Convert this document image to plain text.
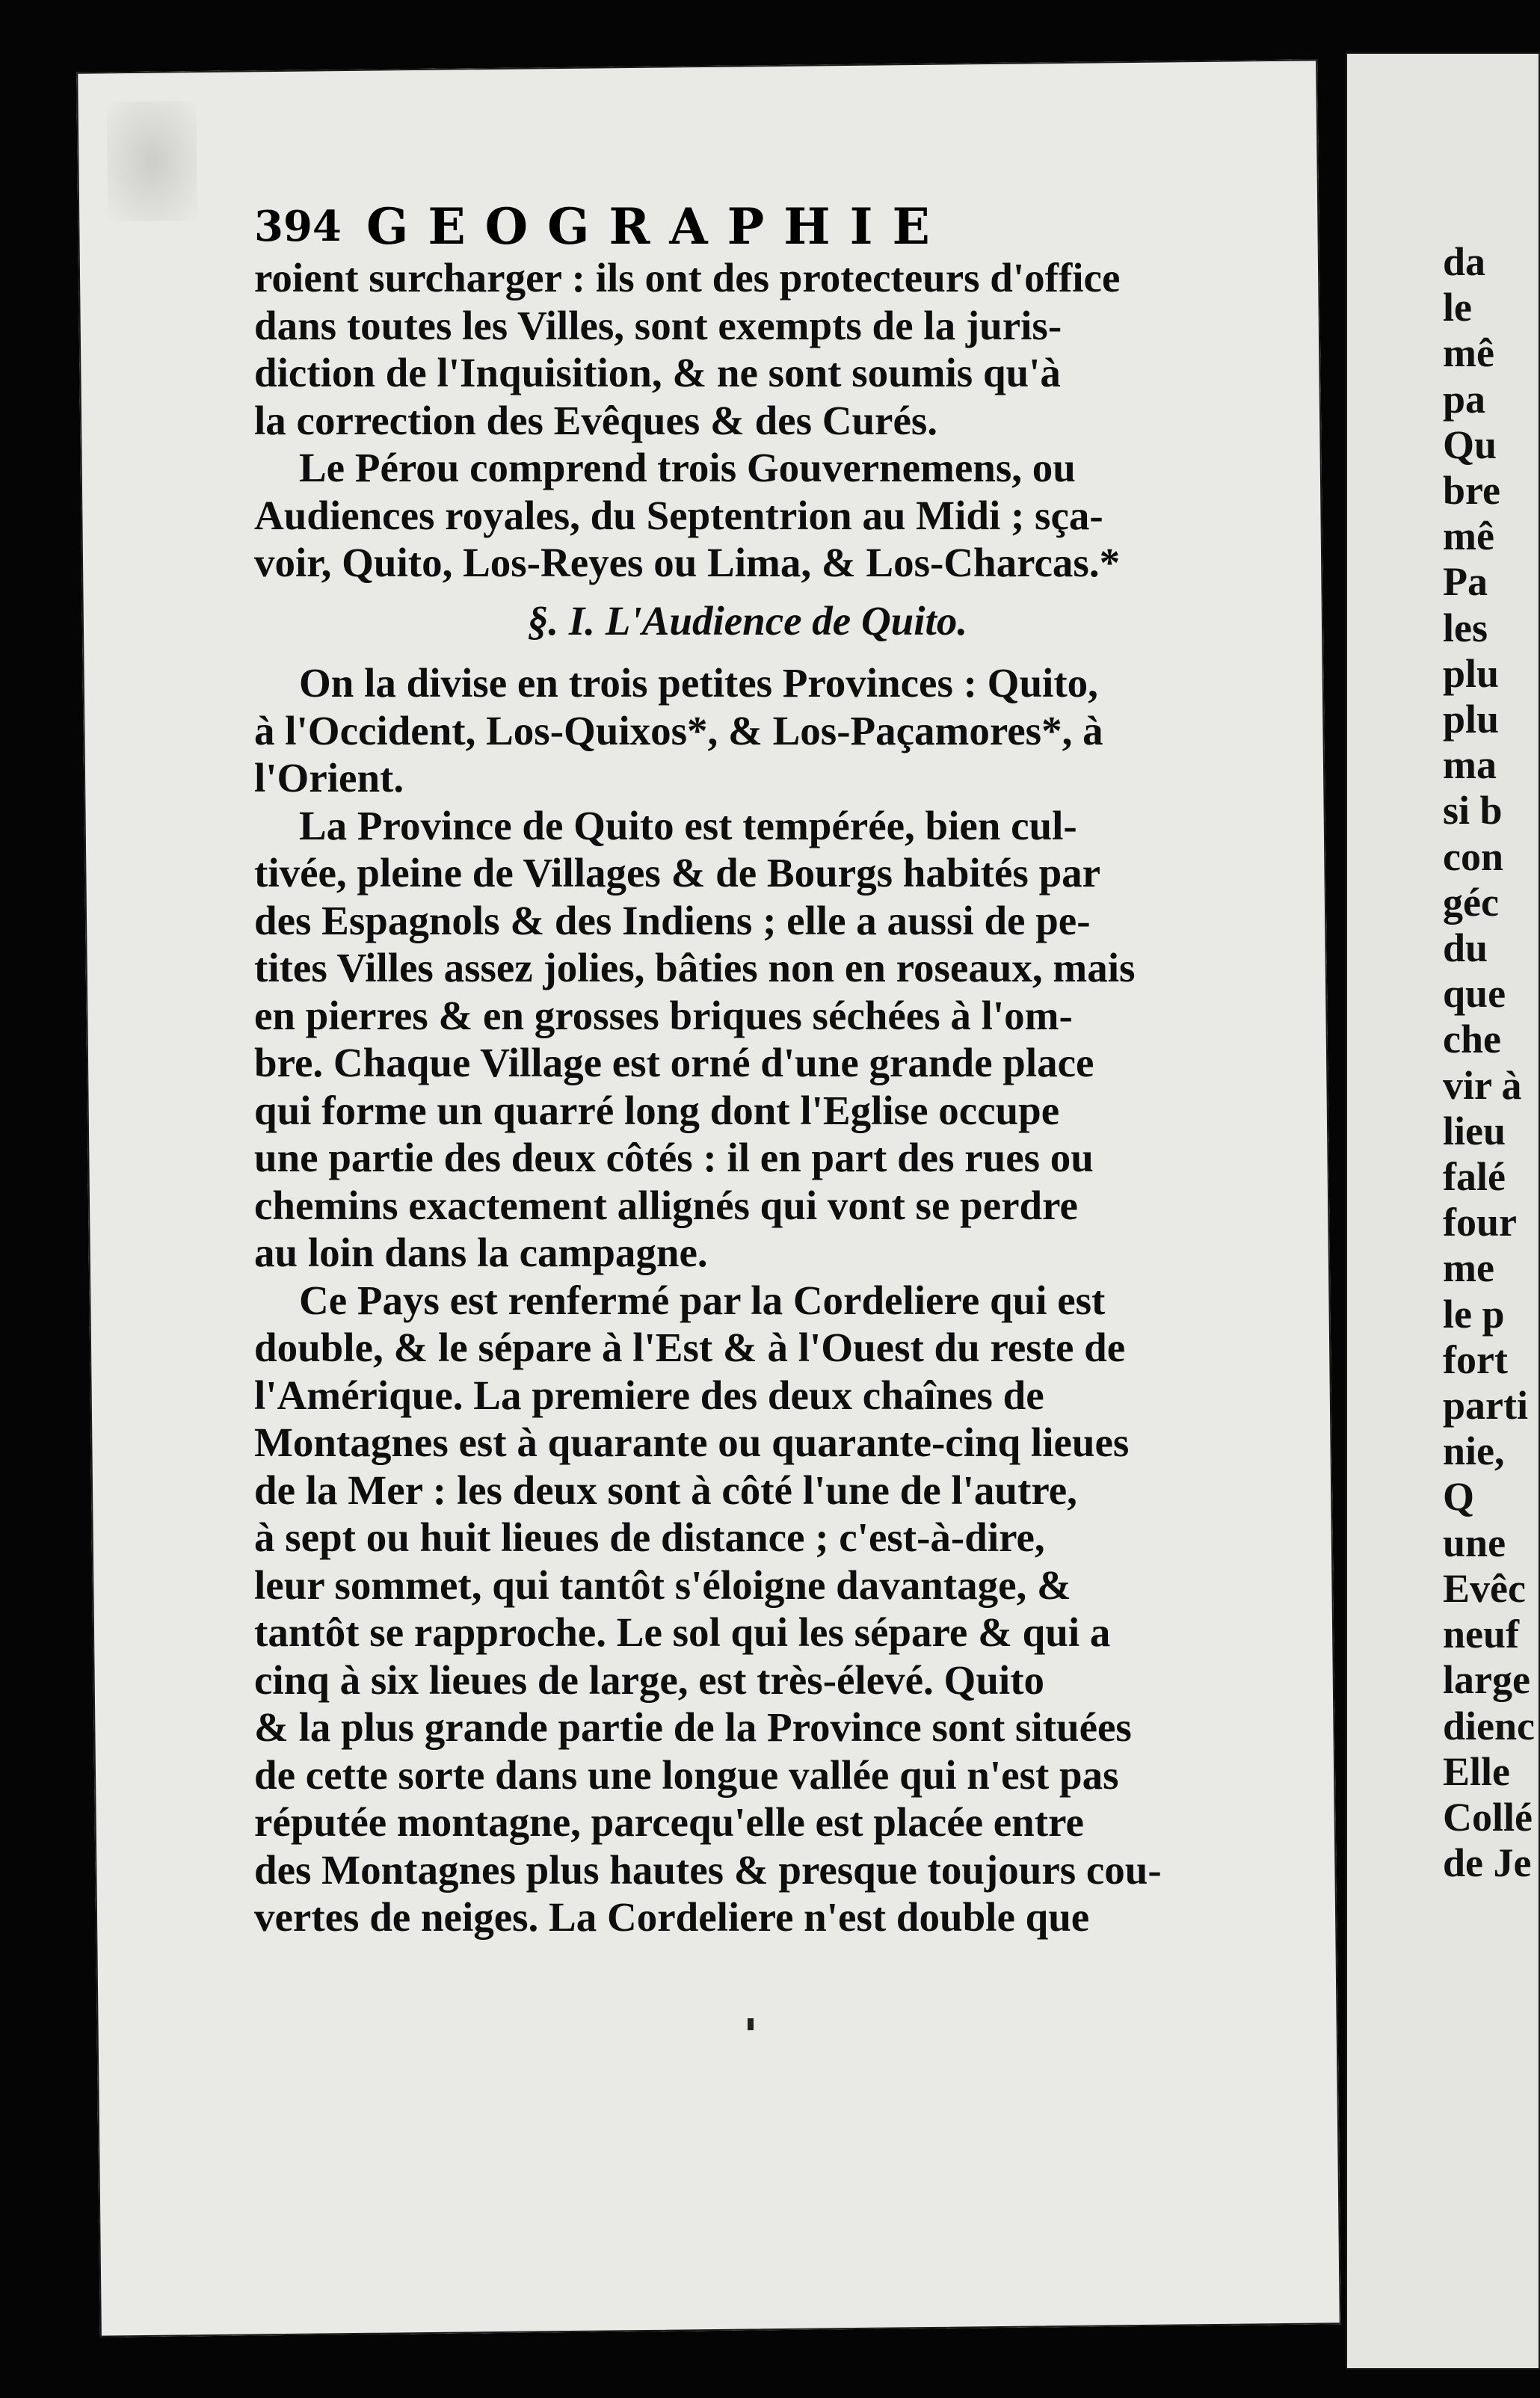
da
le
mê
pa
Qu
bre
mê
Pa
les
plu
plu
ma
si b
con
géc
du
que
che
vir à
lieu
falé
four
me
le p
fort
parti
nie,
Q
une
Evêc
neuf
large
dienc
Elle
Collé
de Je
394 GEOGRAPHIE
roient surcharger : ils ont des protecteurs d'office
dans toutes les Villes, sont exempts de la juris-
diction de l'Inquisition, & ne sont soumis qu'à
la correction des Evêques & des Curés.
Le Pérou comprend trois Gouvernemens, ou
Audiences royales, du Septentrion au Midi ; sça-
voir, Quito, Los-Reyes ou Lima, & Los-Charcas.*
§. I. L'Audience de Quito.
On la divise en trois petites Provinces : Quito,
à l'Occident, Los-Quixos*, & Los-Paçamores*, à
l'Orient.
La Province de Quito est tempérée, bien cul-
tivée, pleine de Villages & de Bourgs habités par
des Espagnols & des Indiens ; elle a aussi de pe-
tites Villes assez jolies, bâties non en roseaux, mais
en pierres & en grosses briques séchées à l'om-
bre. Chaque Village est orné d'une grande place
qui forme un quarré long dont l'Eglise occupe
une partie des deux côtés : il en part des rues ou
chemins exactement allignés qui vont se perdre
au loin dans la campagne.
Ce Pays est renfermé par la Cordeliere qui est
double, & le sépare à l'Est & à l'Ouest du reste de
l'Amérique. La premiere des deux chaînes de
Montagnes est à quarante ou quarante-cinq lieues
de la Mer : les deux sont à côté l'une de l'autre,
à sept ou huit lieues de distance ; c'est-à-dire,
leur sommet, qui tantôt s'éloigne davantage, &
tantôt se rapproche. Le sol qui les sépare & qui a
cinq à six lieues de large, est très-élevé. Quito
& la plus grande partie de la Province sont situées
de cette sorte dans une longue vallée qui n'est pas
réputée montagne, parcequ'elle est placée entre
des Montagnes plus hautes & presque toujours cou-
vertes de neiges. La Cordeliere n'est double que
